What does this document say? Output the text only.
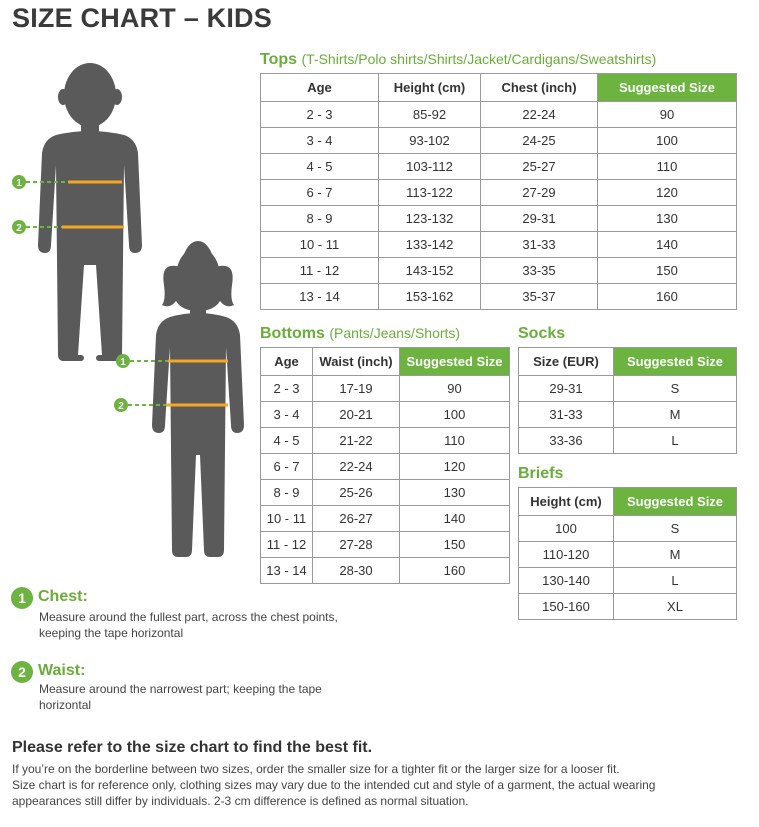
SIZE CHART – KIDS
1
2
1
2
Tops (T-Shirts/Polo shirts/Shirts/Jacket/Cardigans/Sweatshirts)
Age	Height (cm)	Chest (inch)	Suggested Size
2 - 3	85-92	22-24	90
3 - 4	93-102	24-25	100
4 - 5	103-112	25-27	110
6 - 7	113-122	27-29	120
8 - 9	123-132	29-31	130
10 - 11	133-142	31-33	140
11 - 12	143-152	33-35	150
13 - 14	153-162	35-37	160
Bottoms (Pants/Jeans/Shorts)
Age	Waist (inch)	Suggested Size
2 - 3	17-19	90
3 - 4	20-21	100
4 - 5	21-22	110
6 - 7	22-24	120
8 - 9	25-26	130
10 - 11	26-27	140
11 - 12	27-28	150
13 - 14	28-30	160
Socks
Size (EUR)	Suggested Size
29-31	S
31-33	M
33-36	L
Briefs
Height (cm)	Suggested Size
100	S
110-120	M
130-140	L
150-160	XL
1 Chest:
Measure around the fullest part, across the chest points,
keeping the tape horizontal
2 Waist:
Measure around the narrowest part; keeping the tape
horizontal
Please refer to the size chart to find the best fit.
If you’re on the borderline between two sizes, order the smaller size for a tighter fit or the larger size for a looser fit.
Size chart is for reference only, clothing sizes may vary due to the intended cut and style of a garment, the actual wearing
appearances still differ by individuals. 2-3 cm difference is defined as normal situation.
